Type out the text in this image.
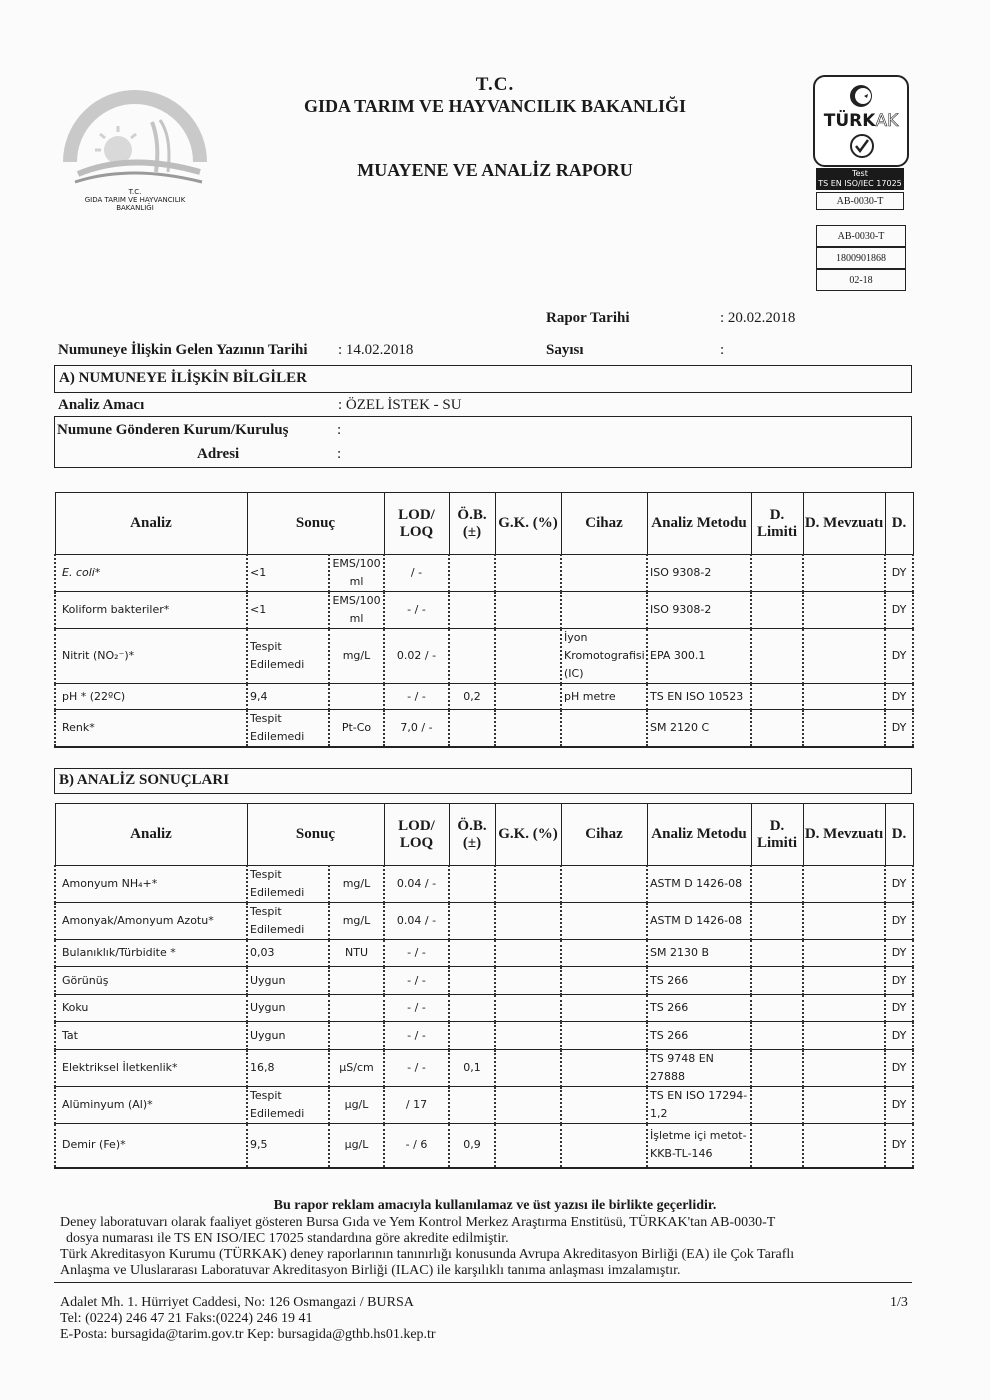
T.C.
GIDA TARIM VE HAYVANCILIK
BAKANLIĞI
T.C.
GIDA TARIM VE HAYVANCILIK BAKANLIĞI
MUAYENE VE ANALİZ RAPORU
TÜRKAK
Test
TS EN ISO/IEC 17025
AB-0030-T
AB-0030-T
1800901868
02-18
Rapor Tarihi	: 20.02.2018
Numuneye İlişkin Gelen Yazının Tarihi : 14.02.2018	Sayısı	:
A) NUMUNEYE İLİŞKİN BİLGİLER
Analiz Amacı	: ÖZEL İSTEK - SU
Numune Gönderen Kurum/Kuruluş	:
Adresi	:
Analiz	Sonuç		LOD/ LOQ	Ö.B. (±)	G.K. (%)	Cihaz	Analiz Metodu	D. Limiti	D. Mevzuatı	D.
E. coli*	<1	EMS/100 ml	/ -				ISO 9308-2			DY
Koliform bakteriler*	<1	EMS/100 ml	- / -				ISO 9308-2			DY
Nitrit (NO₂⁻)*	Tespit Edilemedi	mg/L	0.02 / -			İyon Kromotografisi (IC)	EPA 300.1			DY
pH * (22ºC)	9,4		- / -	0,2		pH metre	TS EN ISO 10523			DY
Renk*	Tespit Edilemedi	Pt-Co	7,0 / -				SM 2120 C			DY
B) ANALİZ SONUÇLARI
Analiz	Sonuç		LOD/ LOQ	Ö.B. (±)	G.K. (%)	Cihaz	Analiz Metodu	D. Limiti	D. Mevzuatı	D.
Amonyum NH₄+*	Tespit Edilemedi	mg/L	0.04 / -				ASTM D 1426-08			DY
Amonyak/Amonyum Azotu*	Tespit Edilemedi	mg/L	0.04 / -				ASTM D 1426-08			DY
Bulanıklık/Türbidite *	0,03	NTU	- / -				SM 2130 B			DY
Görünüş	Uygun		- / -				TS 266			DY
Koku	Uygun		- / -				TS 266			DY
Tat	Uygun		- / -				TS 266			DY
Elektriksel İletkenlik*	16,8	µS/cm	- / -	0,1			TS 9748 EN 27888			DY
Alüminyum (Al)*	Tespit Edilemedi	µg/L	/ 17				TS EN ISO 17294-1,2			DY
Demir (Fe)*	9,5	µg/L	- / 6	0,9			İşletme içi metot-KKB-TL-146			DY
Bu rapor reklam amacıyla kullanılamaz ve üst yazısı ile birlikte geçerlidir.
Deney laboratuvarı olarak faaliyet gösteren Bursa Gıda ve Yem Kontrol Merkez Araştırma Enstitüsü, TÜRKAK'tan AB-0030-T
dosya numarası ile TS EN ISO/IEC 17025 standardına göre akredite edilmiştir.
Türk Akreditasyon Kurumu (TÜRKAK) deney raporlarının tanınırlığı konusunda Avrupa Akreditasyon Birliği (EA) ile Çok Taraflı
Anlaşma ve Uluslararası Laboratuvar Akreditasyon Birliği (ILAC) ile karşılıklı tanıma anlaşması imzalamıştır.
Adalet Mh. 1. Hürriyet Caddesi, No: 126 Osmangazi / BURSA
Tel: (0224) 246 47 21 Faks:(0224) 246 19 41
E-Posta: bursagida@tarim.gov.tr Kep: bursagida@gthb.hs01.kep.tr
1/3
